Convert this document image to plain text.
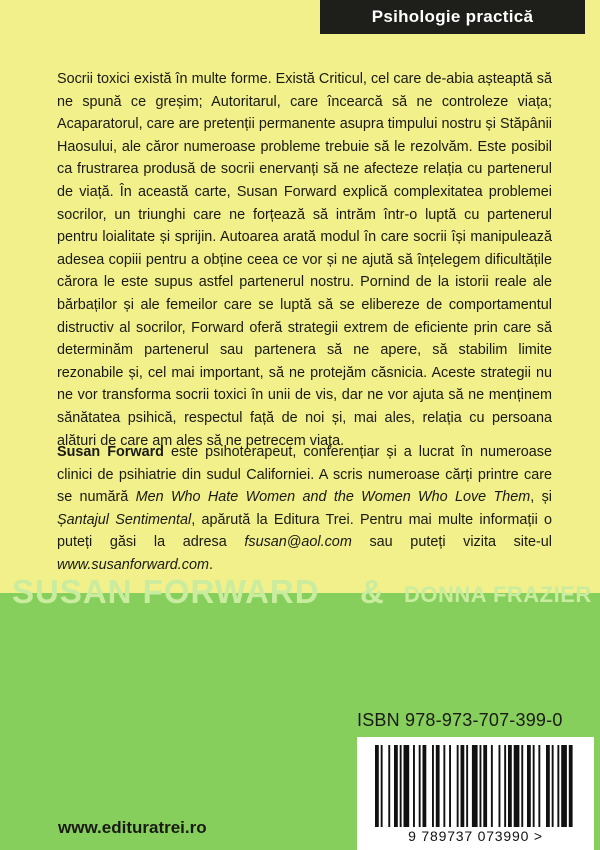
Psihologie practică

Socrii toxici există în multe forme. Există Criticul, cel care de-abia așteaptă să ne spună ce greșim; Autoritarul, care încearcă să ne controleze viața; Acaparatorul, care are pretenții permanente asupra timpului nostru și Stăpânii Haosului, ale căror numeroase probleme trebuie să le rezolvăm. Este posibil ca frustrarea produsă de socrii enervanți să ne afecteze relația cu partenerul de viață. În această carte, Susan Forward explică complexitatea problemei socrilor, un triunghi care ne forțează să intrăm într-o luptă cu partenerul pentru loialitate și sprijin. Autoarea arată modul în care socrii își manipulează adesea copiii pentru a obține ceea ce vor și ne ajută să înțelegem dificultățile cărora le este supus astfel partenerul nostru. Pornind de la istorii reale ale bărbaților și ale femeilor care se luptă să se elibereze de comportamentul distructiv al socrilor, Forward oferă strategii extrem de eficiente prin care să determinăm partenerul sau partenera să ne apere, să stabilim limite rezonabile și, cel mai important, să ne protejăm căsnicia. Aceste strategii nu ne vor transforma socrii toxici în unii de vis, dar ne vor ajuta să ne menținem sănătatea psihică, respectul față de noi și, mai ales, relația cu persoana alături de care am ales să ne petrecem viața.

Susan Forward este psihoterapeut, conferențiar și a lucrat în numeroase clinici de psihiatrie din sudul Californiei. A scris numeroase cărți printre care se numără Men Who Hate Women and the Women Who Love Them, și Șantajul Sentimental, apărută la Editura Trei. Pentru mai multe informații o puteți găsi la adresa fsusan@aol.com sau puteți vizita site-ul www.susanforward.com.

SUSAN FORWARD & DONNA FRAZIER
ISBN 978-973-707-399-0
9 789737 073990 >
www.edituratrei.ro
